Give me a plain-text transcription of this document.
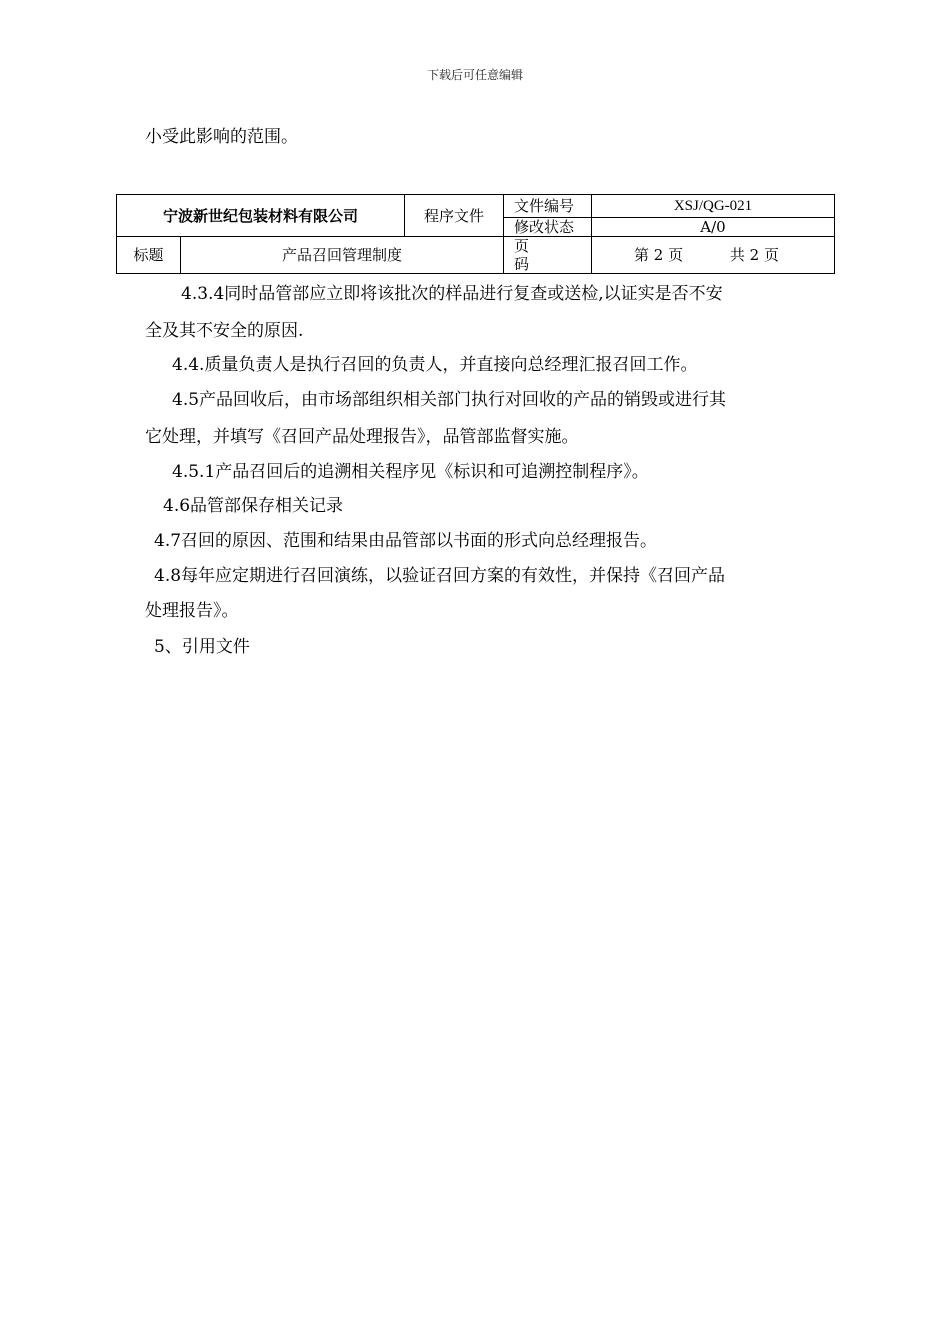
下载后可任意编辑
小受此影响的范围。
宁波新世纪包装材料有限公司		程序文件	文件编号	XSJ/QG-021
			修改状态	A/0
标题	产品召回管理制度		页 码	第 2 页 共 2 页
4.3.4同时品管部应立即将该批次的样品进行复查或送检,以证实是否不安
全及其不安全的原因.
4.4.质量负责人是执行召回的负责人，并直接向总经理汇报召回工作。
4.5产品回收后，由市场部组织相关部门执行对回收的产品的销毁或进行其
它处理，并填写《召回产品处理报告》，品管部监督实施。
4.5.1产品召回后的追溯相关程序见《标识和可追溯控制程序》。
4.6品管部保存相关记录
4.7召回的原因、范围和结果由品管部以书面的形式向总经理报告。
4.8每年应定期进行召回演练，以验证召回方案的有效性，并保持《召回产品
处理报告》。
5、引用文件
